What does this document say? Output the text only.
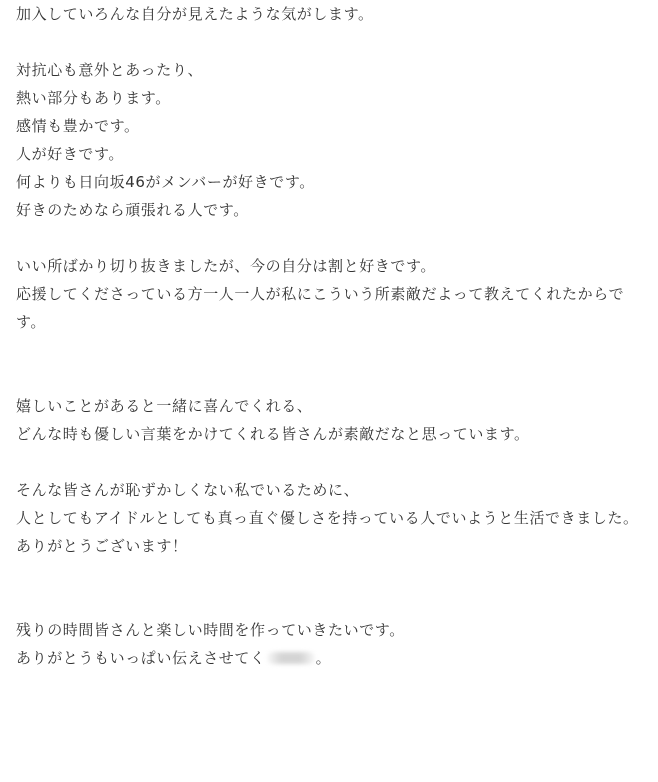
加入していろんな自分が見えたような気がします。
対抗心も意外とあったり、
熱い部分もあります。
感情も豊かです。
人が好きです。
何よりも日向坂46がメンバーが好きです。
好きのためなら頑張れる人です。
いい所ばかり切り抜きましたが、今の自分は割と好きです。
応援してくださっている方一人一人が私にこういう所素敵だよって教えてくれたからです。
嬉しいことがあると一緒に喜んでくれる、
どんな時も優しい言葉をかけてくれる皆さんが素敵だなと思っています。
そんな皆さんが恥ずかしくない私でいるために、
人としてもアイドルとしても真っ直ぐ優しさを持っている人でいようと生活できました。
ありがとうございます！
残りの時間皆さんと楽しい時間を作っていきたいです。
ありがとうもいっぱい伝えさせてく	。
